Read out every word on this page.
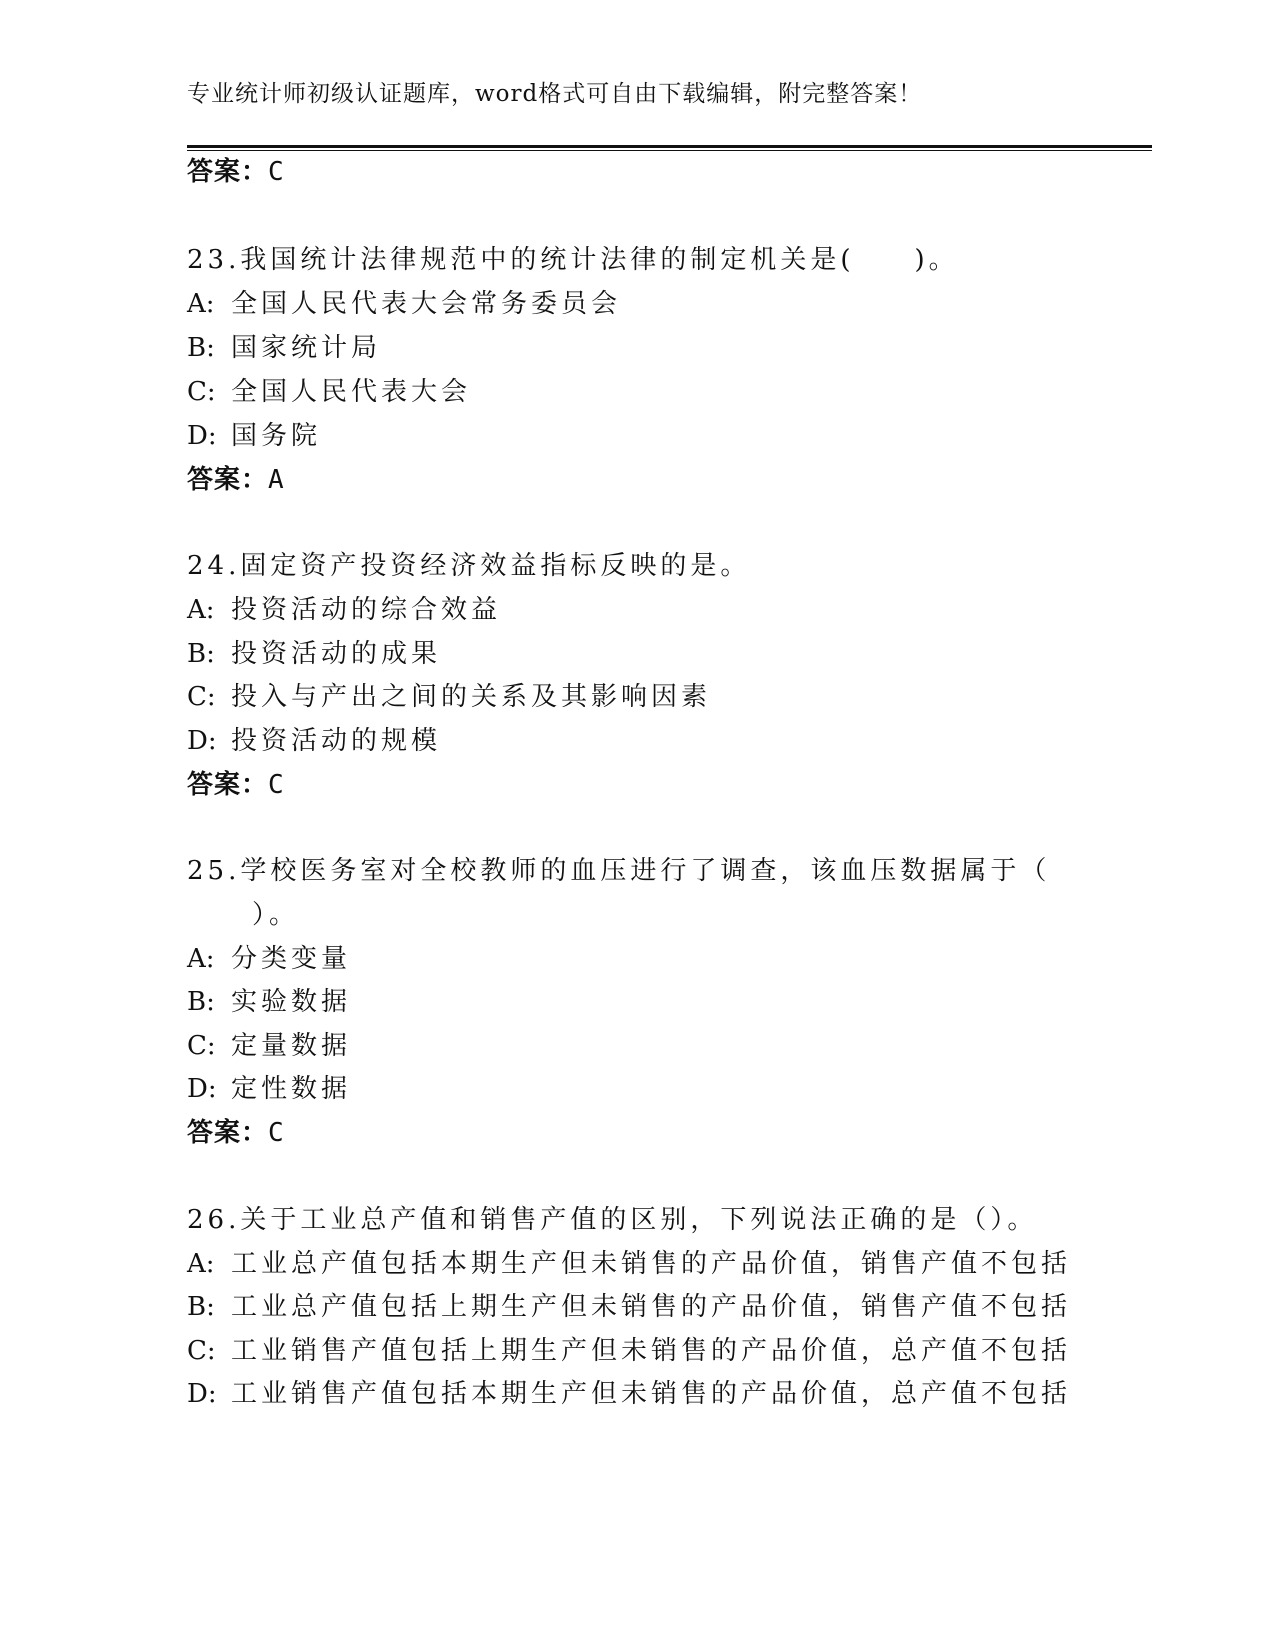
专业统计师初级认证题库，word格式可自由下载编辑，附完整答案！
答案：C
23.我国统计法律规范中的统计法律的制定机关是(　　)。
A: 全国人民代表大会常务委员会
B: 国家统计局
C: 全国人民代表大会
D: 国务院
答案：A
24.固定资产投资经济效益指标反映的是。
A: 投资活动的综合效益
B: 投资活动的成果
C: 投入与产出之间的关系及其影响因素
D: 投资活动的规模
答案：C
25.学校医务室对全校教师的血压进行了调查，该血压数据属于（
）。
A: 分类变量
B: 实验数据
C: 定量数据
D: 定性数据
答案：C
26.关于工业总产值和销售产值的区别，下列说法正确的是（）。
A: 工业总产值包括本期生产但未销售的产品价值，销售产值不包括
B: 工业总产值包括上期生产但未销售的产品价值，销售产值不包括
C: 工业销售产值包括上期生产但未销售的产品价值，总产值不包括
D: 工业销售产值包括本期生产但未销售的产品价值，总产值不包括
